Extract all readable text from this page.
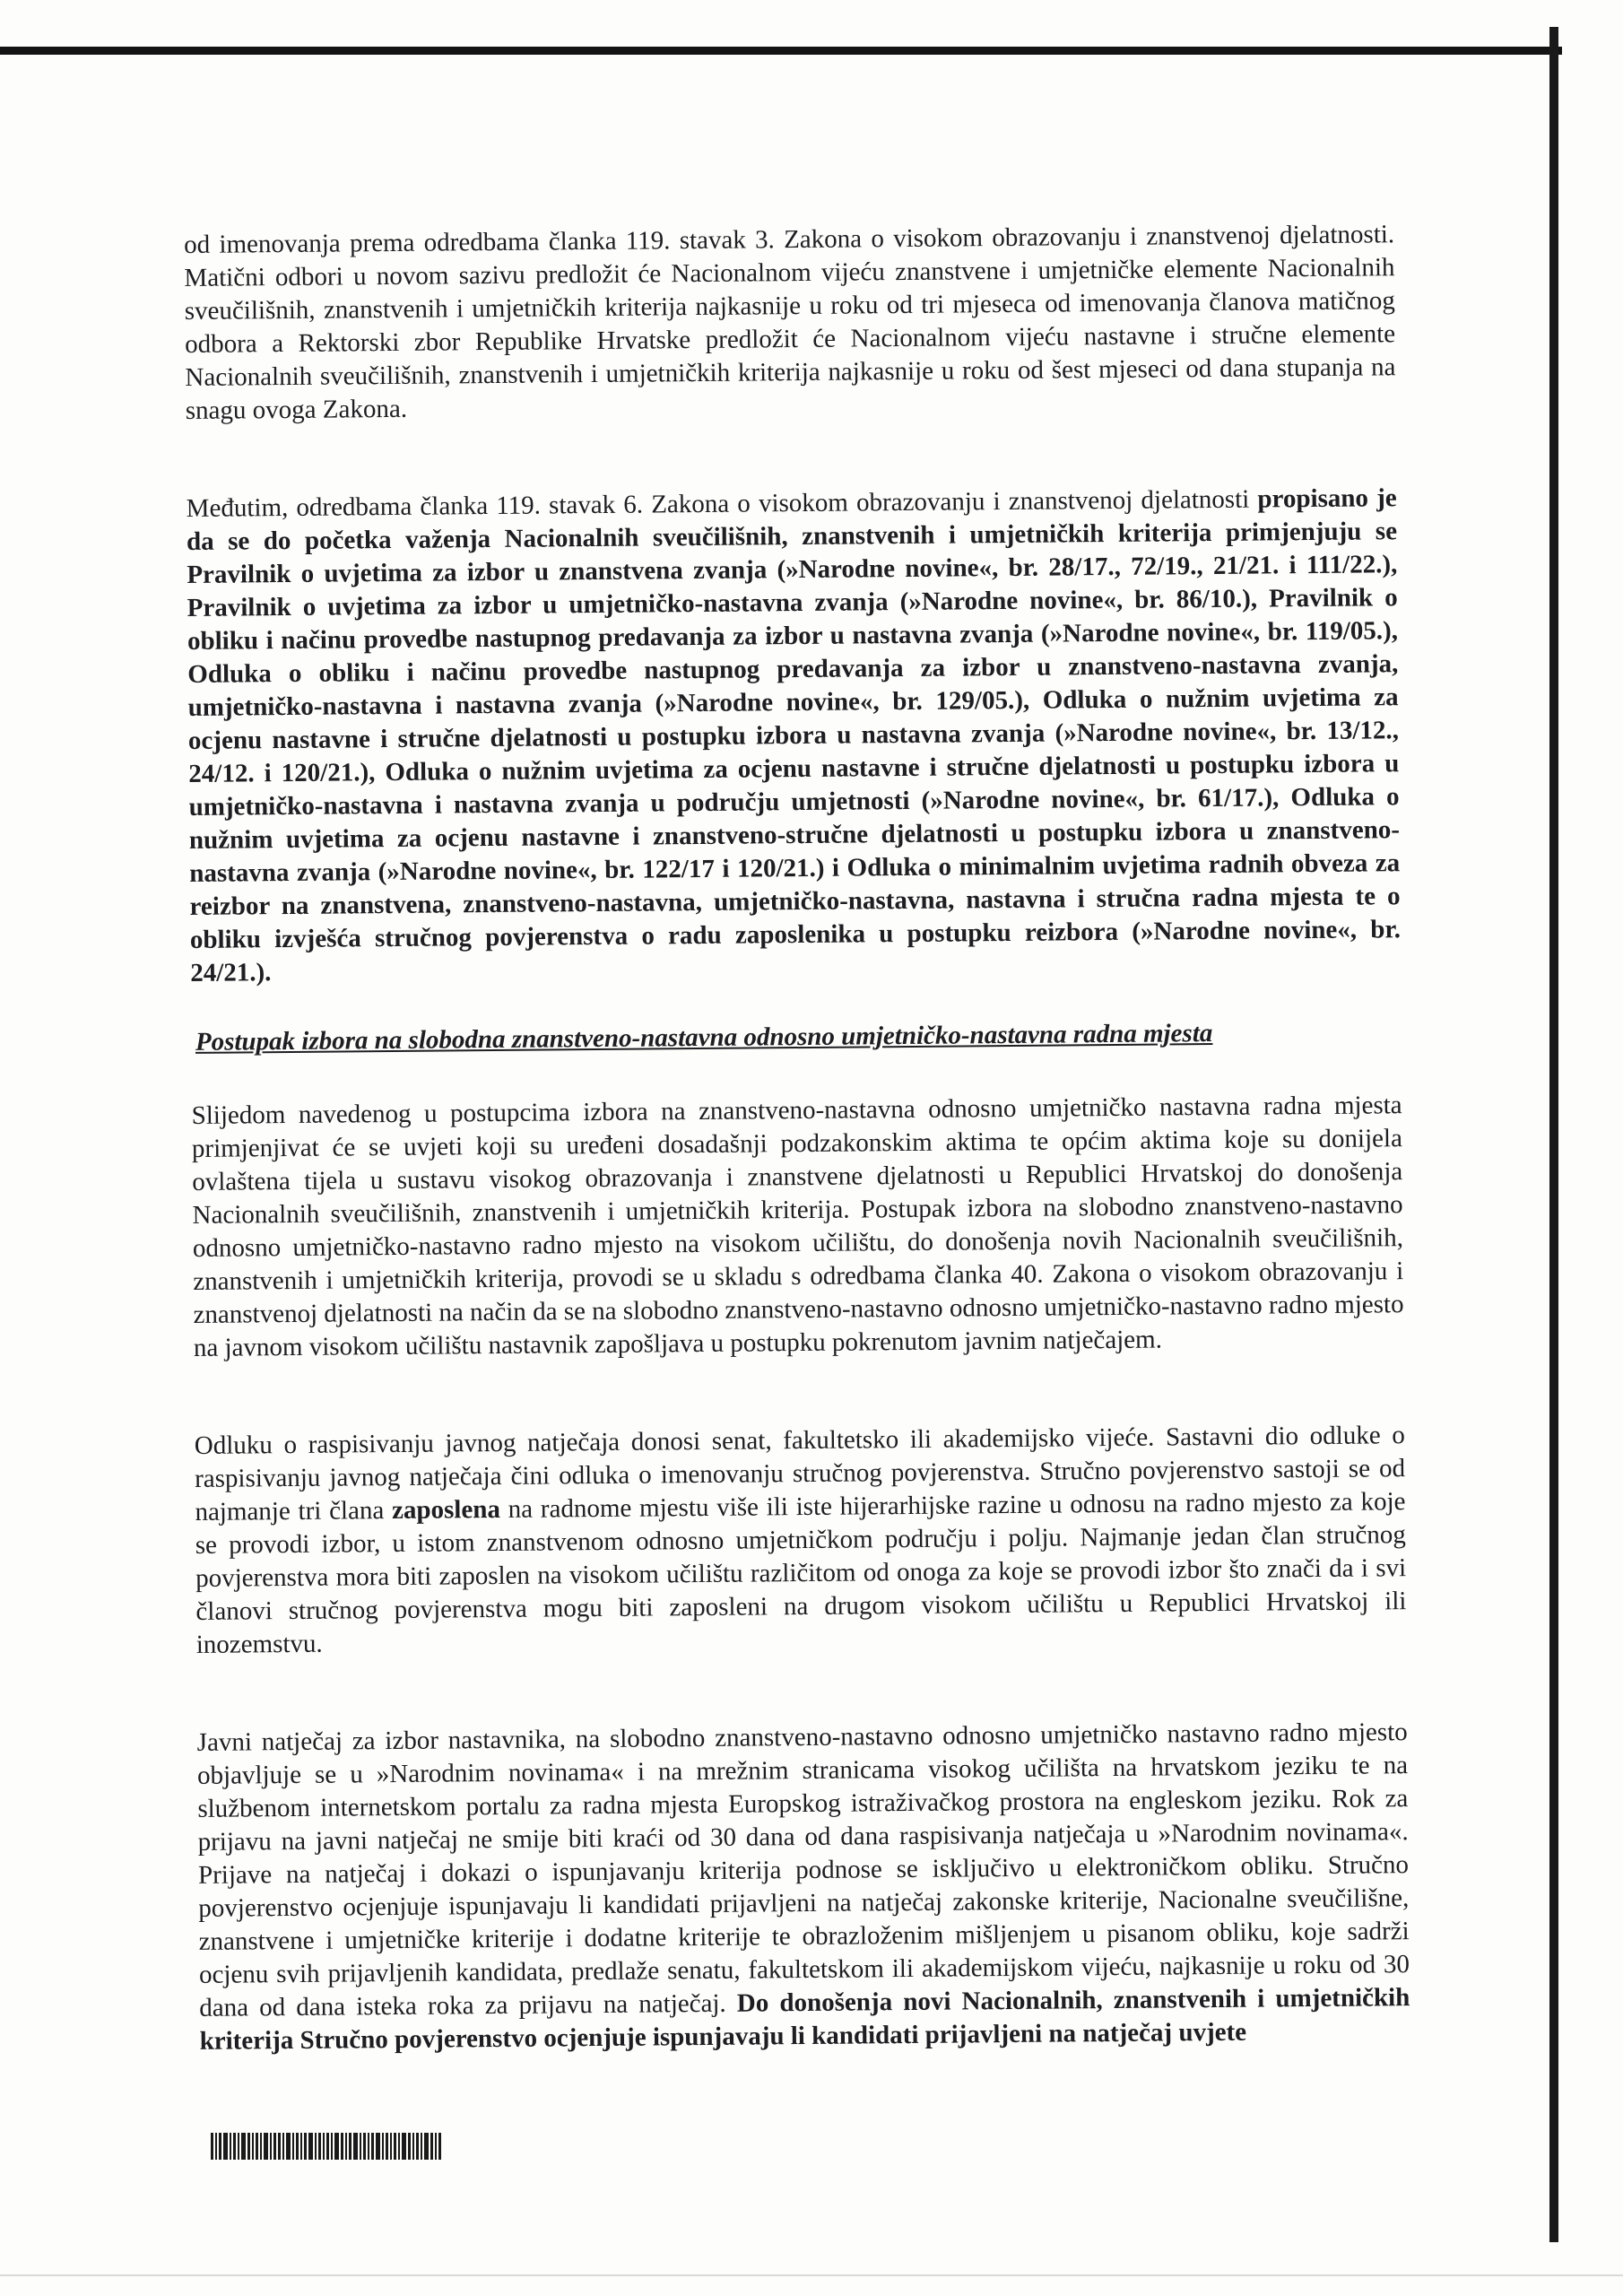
od imenovanja prema odredbama članka 119. stavak 3. Zakona o visokom obrazovanju i znanstvenoj djelatnosti. Matični odbori u novom sazivu predložit će Nacionalnom vijeću znanstvene i umjetničke elemente Nacionalnih sveučilišnih, znanstvenih i umjetničkih kriterija najkasnije u roku od tri mjeseca od imenovanja članova matičnog odbora a Rektorski zbor Republike Hrvatske predložit će Nacionalnom vijeću nastavne i stručne elemente Nacionalnih sveučilišnih, znanstvenih i umjetničkih kriterija najkasnije u roku od šest mjeseci od dana stupanja na snagu ovoga Zakona.

Međutim, odredbama članka 119. stavak 6. Zakona o visokom obrazovanju i znanstvenoj djelatnosti propisano je da se do početka važenja Nacionalnih sveučilišnih, znanstvenih i umjetničkih kriterija primjenjuju se Pravilnik o uvjetima za izbor u znanstvena zvanja (»Narodne novine«, br. 28/17., 72/19., 21/21. i 111/22.), Pravilnik o uvjetima za izbor u umjetničko-nastavna zvanja (»Narodne novine«, br. 86/10.), Pravilnik o obliku i načinu provedbe nastupnog predavanja za izbor u nastavna zvanja (»Narodne novine«, br. 119/05.), Odluka o obliku i načinu provedbe nastupnog predavanja za izbor u znanstveno-nastavna zvanja, umjetničko-nastavna i nastavna zvanja (»Narodne novine«, br. 129/05.), Odluka o nužnim uvjetima za ocjenu nastavne i stručne djelatnosti u postupku izbora u nastavna zvanja (»Narodne novine«, br. 13/12., 24/12. i 120/21.), Odluka o nužnim uvjetima za ocjenu nastavne i stručne djelatnosti u postupku izbora u umjetničko-nastavna i nastavna zvanja u području umjetnosti (»Narodne novine«, br. 61/17.), Odluka o nužnim uvjetima za ocjenu nastavne i znanstveno-stručne djelatnosti u postupku izbora u znanstveno-nastavna zvanja (»Narodne novine«, br. 122/17 i 120/21.) i Odluka o minimalnim uvjetima radnih obveza za reizbor na znanstvena, znanstveno-nastavna, umjetničko-nastavna, nastavna i stručna radna mjesta te o obliku izvješća stručnog povjerenstva o radu zaposlenika u postupku reizbora (»Narodne novine«, br. 24/21.).

Postupak izbora na slobodna znanstveno-nastavna odnosno umjetničko-nastavna radna mjesta

Slijedom navedenog u postupcima izbora na znanstveno-nastavna odnosno umjetničko nastavna radna mjesta primjenjivat će se uvjeti koji su uređeni dosadašnji podzakonskim aktima te općim aktima koje su donijela ovlaštena tijela u sustavu visokog obrazovanja i znanstvene djelatnosti u Republici Hrvatskoj do donošenja Nacionalnih sveučilišnih, znanstvenih i umjetničkih kriterija. Postupak izbora na slobodno znanstveno-nastavno odnosno umjetničko-nastavno radno mjesto na visokom učilištu, do donošenja novih Nacionalnih sveučilišnih, znanstvenih i umjetničkih kriterija, provodi se u skladu s odredbama članka 40. Zakona o visokom obrazovanju i znanstvenoj djelatnosti na način da se na slobodno znanstveno-nastavno odnosno umjetničko-nastavno radno mjesto na javnom visokom učilištu nastavnik zapošljava u postupku pokrenutom javnim natječajem.

Odluku o raspisivanju javnog natječaja donosi senat, fakultetsko ili akademijsko vijeće. Sastavni dio odluke o raspisivanju javnog natječaja čini odluka o imenovanju stručnog povjerenstva. Stručno povjerenstvo sastoji se od najmanje tri člana zaposlena na radnome mjestu više ili iste hijerarhijske razine u odnosu na radno mjesto za koje se provodi izbor, u istom znanstvenom odnosno umjetničkom području i polju. Najmanje jedan član stručnog povjerenstva mora biti zaposlen na visokom učilištu različitom od onoga za koje se provodi izbor što znači da i svi članovi stručnog povjerenstva mogu biti zaposleni na drugom visokom učilištu u Republici Hrvatskoj ili inozemstvu.

Javni natječaj za izbor nastavnika, na slobodno znanstveno-nastavno odnosno umjetničko nastavno radno mjesto objavljuje se u »Narodnim novinama« i na mrežnim stranicama visokog učilišta na hrvatskom jeziku te na službenom internetskom portalu za radna mjesta Europskog istraživačkog prostora na engleskom jeziku. Rok za prijavu na javni natječaj ne smije biti kraći od 30 dana od dana raspisivanja natječaja u »Narodnim novinama«. Prijave na natječaj i dokazi o ispunjavanju kriterija podnose se isključivo u elektroničkom obliku. Stručno povjerenstvo ocjenjuje ispunjavaju li kandidati prijavljeni na natječaj zakonske kriterije, Nacionalne sveučilišne, znanstvene i umjetničke kriterije i dodatne kriterije te obrazloženim mišljenjem u pisanom obliku, koje sadrži ocjenu svih prijavljenih kandidata, predlaže senatu, fakultetskom ili akademijskom vijeću, najkasnije u roku od 30 dana od dana isteka roka za prijavu na natječaj. Do donošenja novi Nacionalnih, znanstvenih i umjetničkih kriterija Stručno povjerenstvo ocjenjuje ispunjavaju li kandidati prijavljeni na natječaj uvjete
